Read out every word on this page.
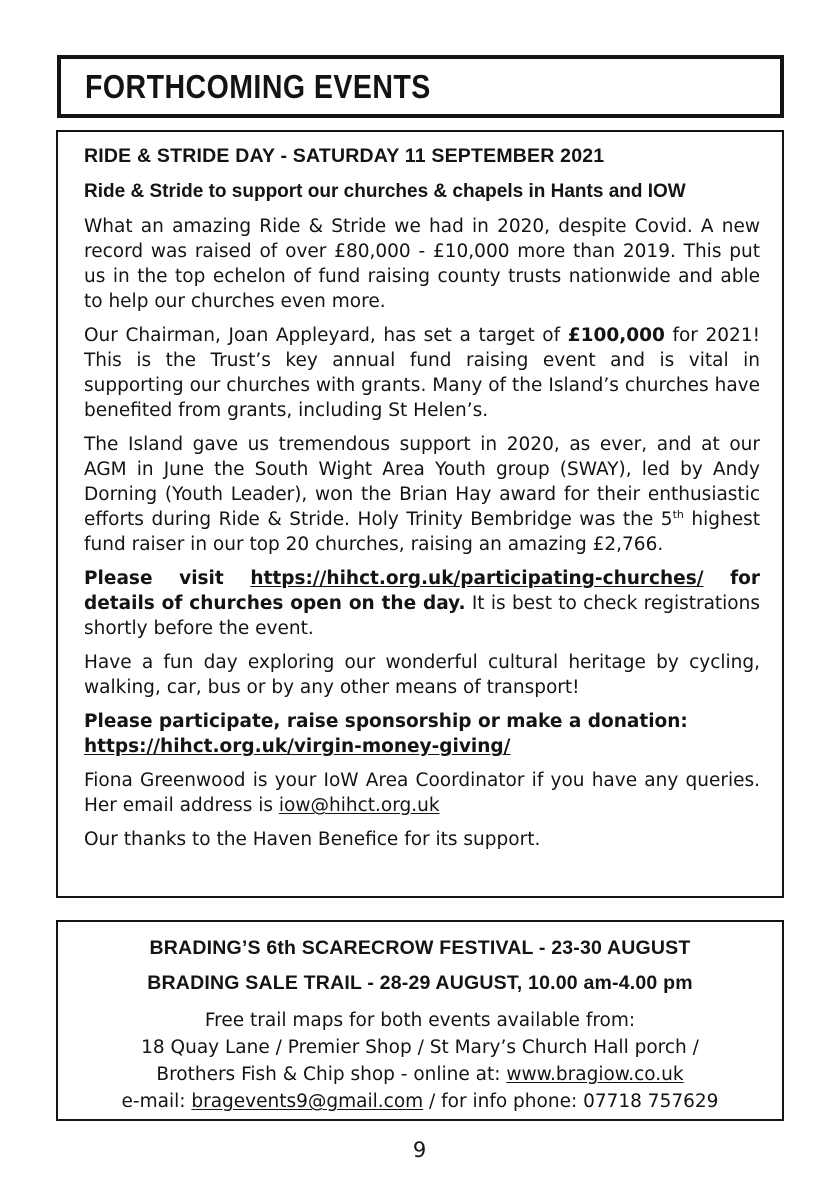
FORTHCOMING EVENTS
RIDE & STRIDE DAY - SATURDAY 11 SEPTEMBER 2021

Ride & Stride to support our churches & chapels in Hants and IOW

What an amazing Ride & Stride we had in 2020, despite Covid. A new record was raised of over £80,000 - £10,000 more than 2019. This put us in the top echelon of fund raising county trusts nationwide and able to help our churches even more.

Our Chairman, Joan Appleyard, has set a target of £100,000 for 2021! This is the Trust’s key annual fund raising event and is vital in supporting our churches with grants. Many of the Island’s churches have benefited from grants, including St Helen’s.

The Island gave us tremendous support in 2020, as ever, and at our AGM in June the South Wight Area Youth group (SWAY), led by Andy Dorning (Youth Leader), won the Brian Hay award for their enthusiastic efforts during Ride & Stride. Holy Trinity Bembridge was the 5th highest fund raiser in our top 20 churches, raising an amazing £2,766.

Please visit https://hihct.org.uk/participating-churches/ for details of churches open on the day. It is best to check registrations shortly before the event.

Have a fun day exploring our wonderful cultural heritage by cycling, walking, car, bus or by any other means of transport!

Please participate, raise sponsorship or make a donation:
https://hihct.org.uk/virgin-money-giving/

Fiona Greenwood is your IoW Area Coordinator if you have any queries. Her email address is iow@hihct.org.uk

Our thanks to the Haven Benefice for its support.

BRADING’S 6th SCARECROW FESTIVAL - 23-30 AUGUST
BRADING SALE TRAIL - 28-29 AUGUST, 10.00 am-4.00 pm
Free trail maps for both events available from:
18 Quay Lane / Premier Shop / St Mary’s Church Hall porch /
Brothers Fish & Chip shop - online at: www.bragiow.co.uk
e-mail: bragevents9@gmail.com / for info phone: 07718 757629
9
